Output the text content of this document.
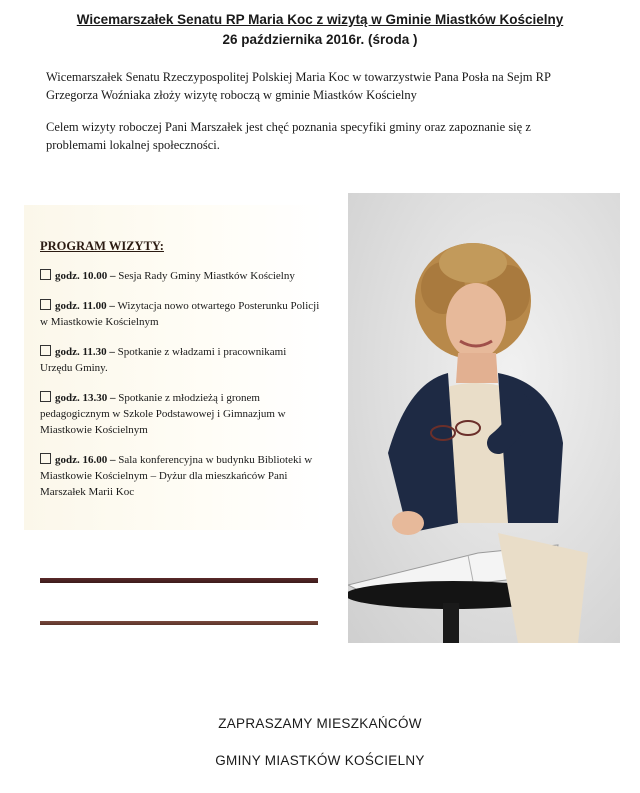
Wicemarszałek Senatu RP Maria Koc z wizytą w Gminie Miastków Kościelny
26 października 2016r. (środa )

Wicemarszałek Senatu Rzeczypospolitej Polskiej Maria Koc w towarzystwie Pana Posła na Sejm RP Grzegorza Woźniaka złoży wizytę roboczą w gminie Miastków Kościelny

Celem wizyty roboczej Pani Marszałek jest chęć poznania specyfiki gminy oraz zapoznanie się z problemami lokalnej społeczności.

PROGRAM WIZYTY:
godz. 10.00 – Sesja Rady Gminy Miastków Kościelny
godz. 11.00 – Wizytacja nowo otwartego Posterunku Policji w Miastkowie Kościelnym
godz. 11.30 – Spotkanie z władzami i pracownikami Urzędu Gminy.
godz. 13.30 – Spotkanie z młodzieżą i gronem pedagogicznym w Szkole Podstawowej i Gimnazjum w Miastkowie Kościelnym
godz. 16.00 – Sala konferencyjna w budynku Biblioteki w Miastkowie Kościelnym – Dyżur dla mieszkańców Pani Marszałek Marii Koc
ZAPRASZAMY MIESZKAŃCÓW
GMINY MIASTKÓW KOŚCIELNY
